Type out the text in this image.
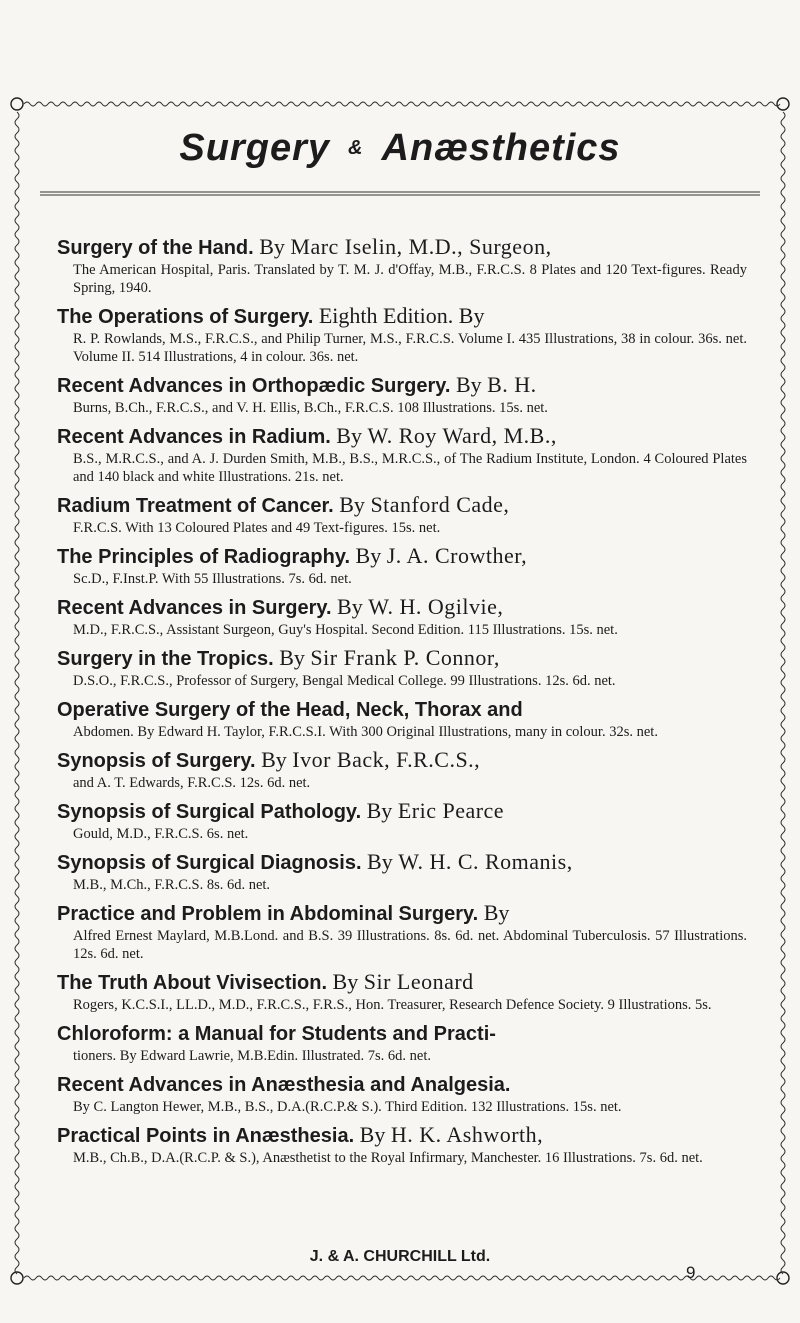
Surgery & Anæsthetics
Surgery of the Hand. By Marc Iselin, M.D., Surgeon,
The American Hospital, Paris. Translated by T. M. J. d'Offay, M.B., F.R.C.S. 8 Plates and 120 Text-figures. Ready Spring, 1940.
The Operations of Surgery. Eighth Edition. By
R. P. Rowlands, M.S., F.R.C.S., and Philip Turner, M.S., F.R.C.S. Volume I. 435 Illustrations, 38 in colour. 36s. net. Volume II. 514 Illustrations, 4 in colour. 36s. net.
Recent Advances in Orthopædic Surgery. By B. H.
Burns, B.Ch., F.R.C.S., and V. H. Ellis, B.Ch., F.R.C.S. 108 Illustrations. 15s. net.
Recent Advances in Radium. By W. Roy Ward, M.B.,
B.S., M.R.C.S., and A. J. Durden Smith, M.B., B.S., M.R.C.S., of The Radium Institute, London. 4 Coloured Plates and 140 black and white Illustrations. 21s. net.
Radium Treatment of Cancer. By Stanford Cade,
F.R.C.S. With 13 Coloured Plates and 49 Text-figures. 15s. net.
The Principles of Radiography. By J. A. Crowther,
Sc.D., F.Inst.P. With 55 Illustrations. 7s. 6d. net.
Recent Advances in Surgery. By W. H. Ogilvie,
M.D., F.R.C.S., Assistant Surgeon, Guy's Hospital. Second Edition. 115 Illustrations. 15s. net.
Surgery in the Tropics. By Sir Frank P. Connor,
D.S.O., F.R.C.S., Professor of Surgery, Bengal Medical College. 99 Illustrations. 12s. 6d. net.
Operative Surgery of the Head, Neck, Thorax and
Abdomen. By Edward H. Taylor, F.R.C.S.I. With 300 Original Illustrations, many in colour. 32s. net.
Synopsis of Surgery. By Ivor Back, F.R.C.S.,
and A. T. Edwards, F.R.C.S. 12s. 6d. net.
Synopsis of Surgical Pathology. By Eric Pearce
Gould, M.D., F.R.C.S. 6s. net.
Synopsis of Surgical Diagnosis. By W. H. C. Romanis,
M.B., M.Ch., F.R.C.S. 8s. 6d. net.
Practice and Problem in Abdominal Surgery. By
Alfred Ernest Maylard, M.B.Lond. and B.S. 39 Illustrations. 8s. 6d. net. Abdominal Tuberculosis. 57 Illustrations. 12s. 6d. net.
The Truth About Vivisection. By Sir Leonard
Rogers, K.C.S.I., LL.D., M.D., F.R.C.S., F.R.S., Hon. Treasurer, Research Defence Society. 9 Illustrations. 5s.
Chloroform: a Manual for Students and Practi-
tioners. By Edward Lawrie, M.B.Edin. Illustrated. 7s. 6d. net.
Recent Advances in Anæsthesia and Analgesia.
By C. Langton Hewer, M.B., B.S., D.A.(R.C.P.& S.). Third Edition. 132 Illustrations. 15s. net.
Practical Points in Anæsthesia. By H. K. Ashworth,
M.B., Ch.B., D.A.(R.C.P. & S.), Anæsthetist to the Royal Infirmary, Manchester. 16 Illustrations. 7s. 6d. net.
J. & A. CHURCHILL Ltd.
9
